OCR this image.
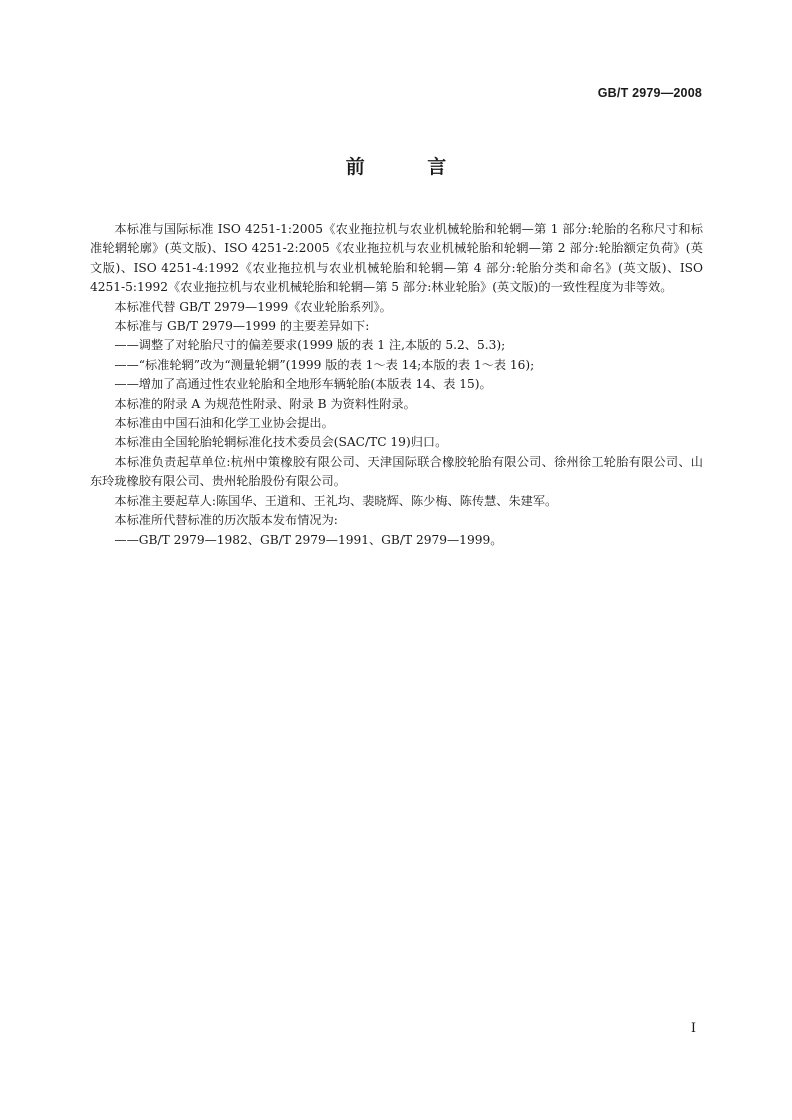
GB/T 2979—2008
前 言

本标准与国际标准 ISO 4251-1:2005《农业拖拉机与农业机械轮胎和轮辋—第 1 部分:轮胎的名称尺寸和标准轮辋轮廓》(英文版)、ISO 4251-2:2005《农业拖拉机与农业机械轮胎和轮辋—第 2 部分:轮胎额定负荷》(英文版)、ISO 4251-4:1992《农业拖拉机与农业机械轮胎和轮辋—第 4 部分:轮胎分类和命名》(英文版)、ISO 4251-5:1992《农业拖拉机与农业机械轮胎和轮辋—第 5 部分:林业轮胎》(英文版)的一致性程度为非等效。

本标准代替 GB/T 2979—1999《农业轮胎系列》。

本标准与 GB/T 2979—1999 的主要差异如下:

——调整了对轮胎尺寸的偏差要求(1999 版的表 1 注,本版的 5.2、5.3);

——“标准轮辋”改为“测量轮辋”(1999 版的表 1～表 14;本版的表 1～表 16);

——增加了高通过性农业轮胎和全地形车辆轮胎(本版表 14、表 15)。

本标准的附录 A 为规范性附录、附录 B 为资料性附录。

本标准由中国石油和化学工业协会提出。

本标准由全国轮胎轮辋标准化技术委员会(SAC/TC 19)归口。

本标准负责起草单位:杭州中策橡胶有限公司、天津国际联合橡胶轮胎有限公司、徐州徐工轮胎有限公司、山东玲珑橡胶有限公司、贵州轮胎股份有限公司。

本标准主要起草人:陈国华、王道和、王礼均、裴晓辉、陈少梅、陈传慧、朱建军。

本标准所代替标准的历次版本发布情况为:

——GB/T 2979—1982、GB/T 2979—1991、GB/T 2979—1999。

I
